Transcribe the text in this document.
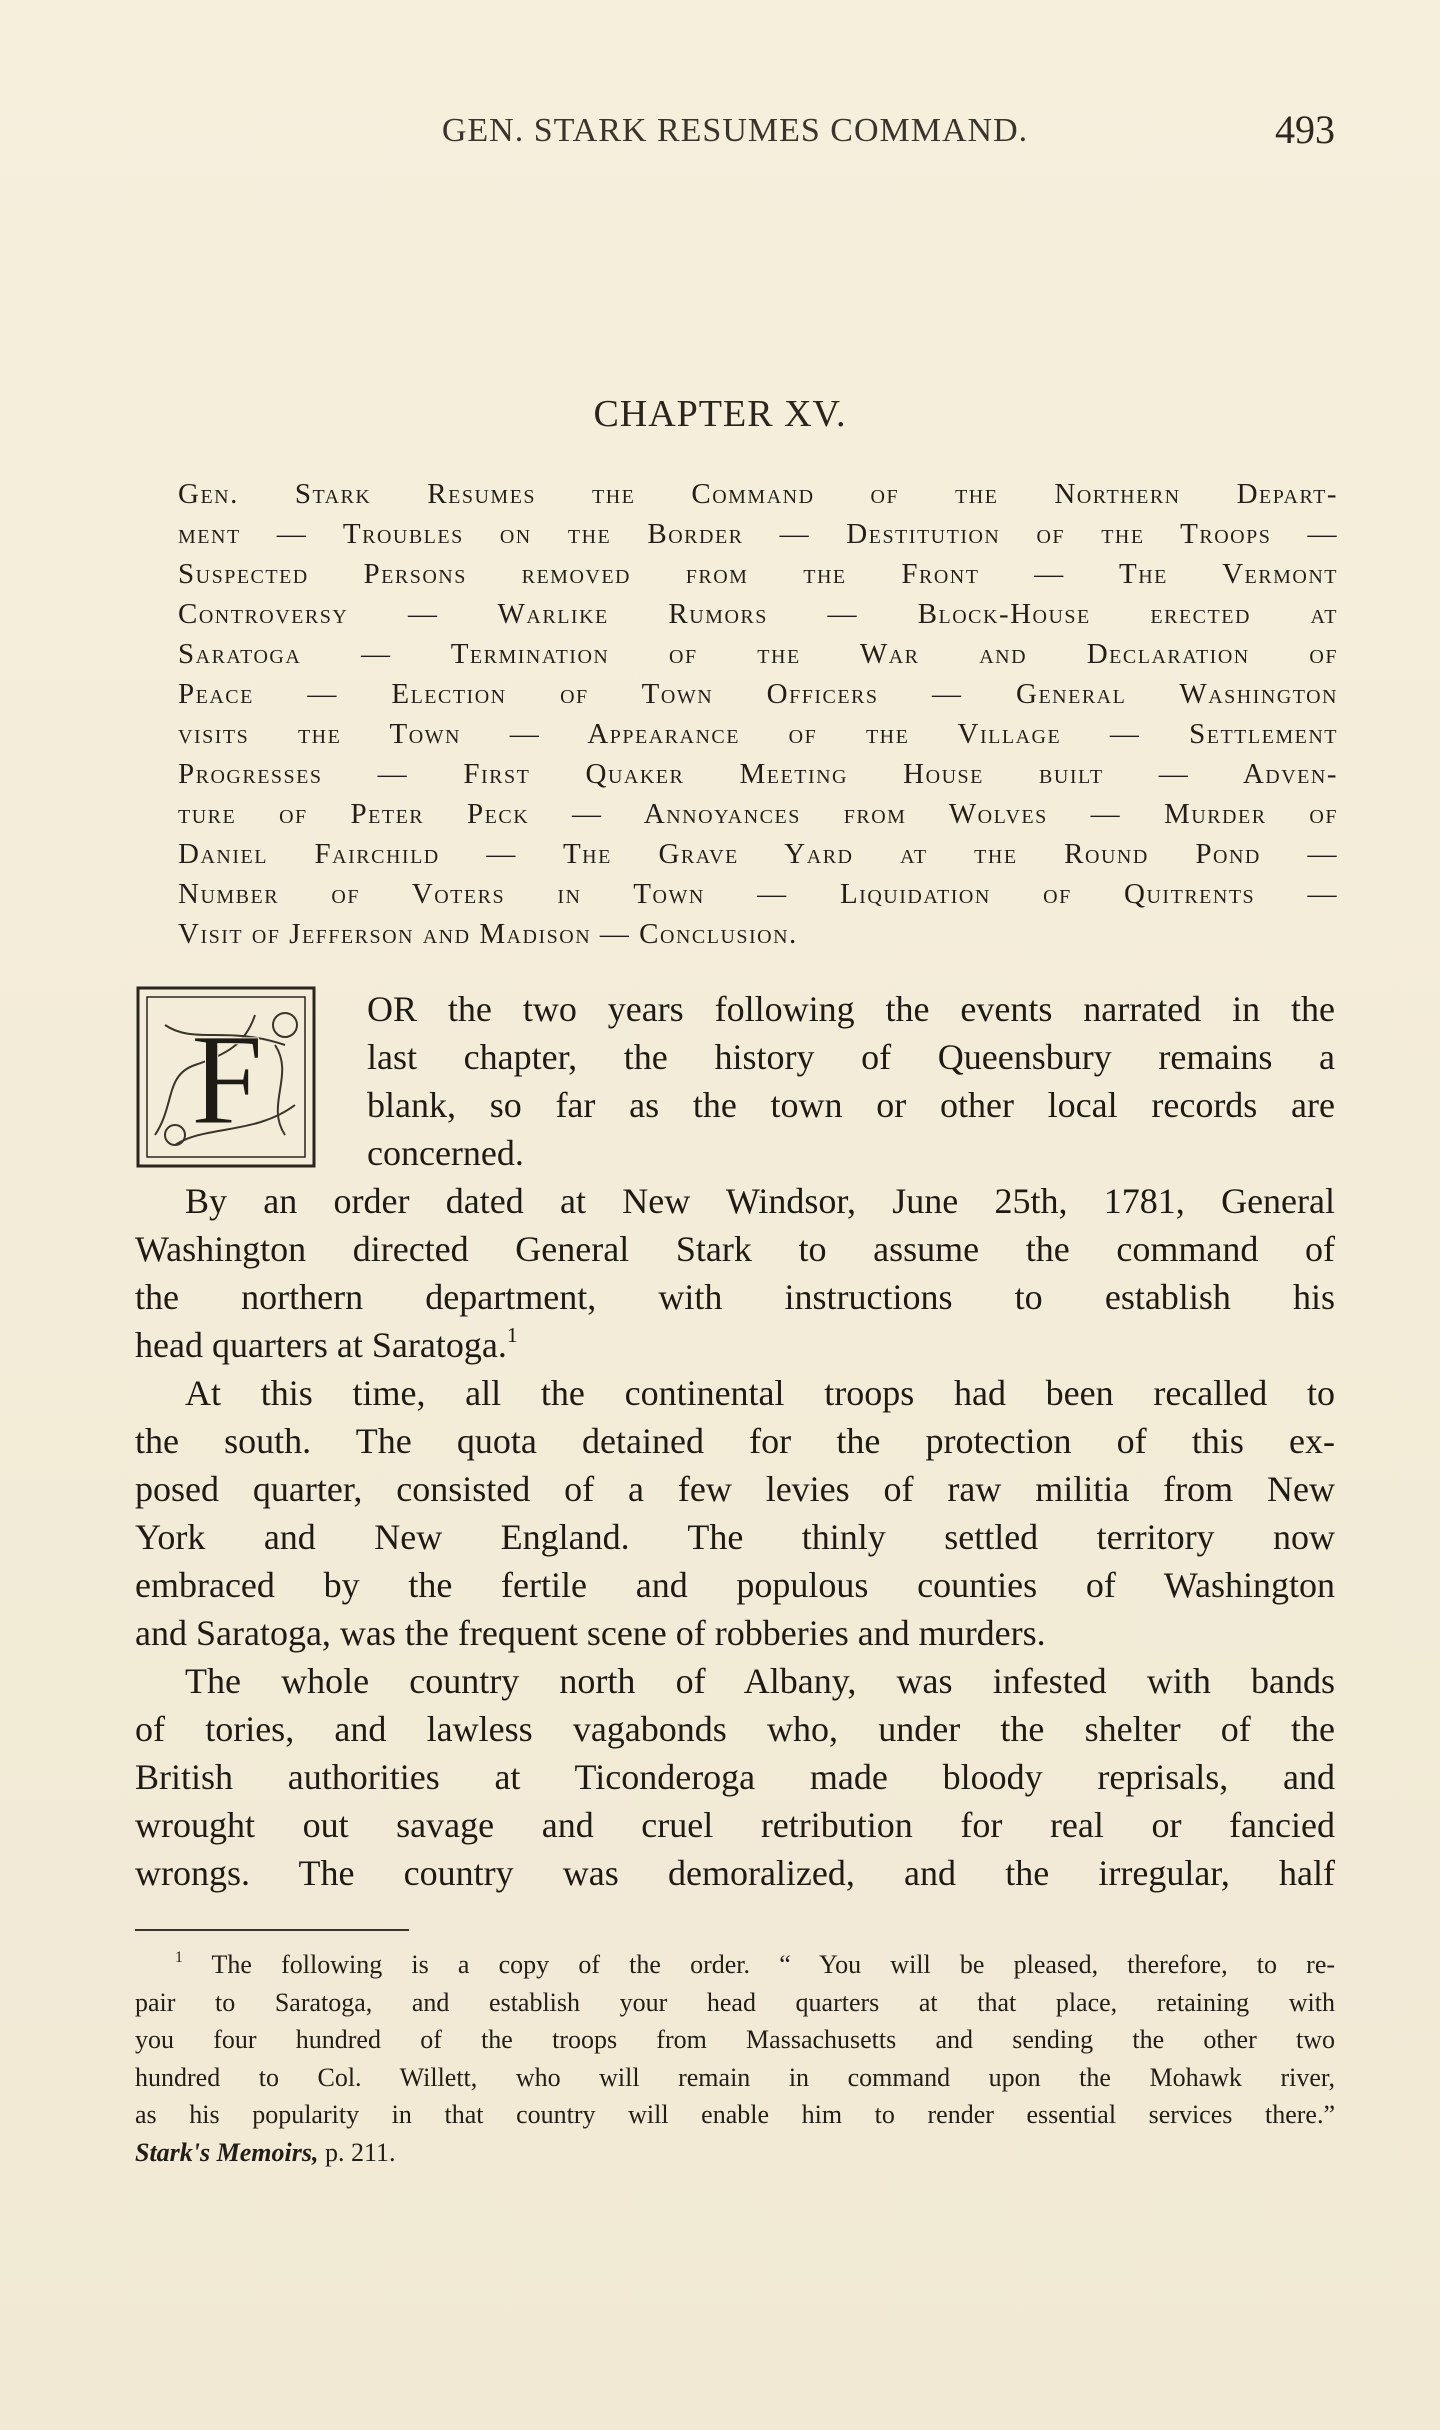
GEN. STARK RESUMES COMMAND.	493
CHAPTER XV.
Gen. Stark Resumes the Command of the Northern Depart-
ment — Troubles on the Border — Destitution of the Troops —
Suspected Persons removed from the Front — The Vermont
Controversy — Warlike Rumors — Block-House erected at
Saratoga — Termination of the War and Declaration of
Peace — Election of Town Officers — General Washington
visits the Town — Appearance of the Village — Settlement
Progresses — First Quaker Meeting House built — Adven-
ture of Peter Peck — Annoyances from Wolves — Murder of
Daniel Fairchild — The Grave Yard at the Round Pond —
Number of Voters in Town — Liquidation of Quitrents —
Visit of Jefferson and Madison — Conclusion.
F	OR the two years following the events narrated in the
last chapter, the history of Queensbury remains a
blank, so far as the town or other local records are
concerned.
By an order dated at New Windsor, June 25th, 1781, General
Washington directed General Stark to assume the command of
the northern department, with instructions to establish his
head quarters at Saratoga.$^1$
At this time, all the continental troops had been recalled to
the south. The quota detained for the protection of this ex-
posed quarter, consisted of a few levies of raw militia from New
York and New England. The thinly settled territory now
embraced by the fertile and populous counties of Washington
and Saratoga, was the frequent scene of robberies and murders.
The whole country north of Albany, was infested with bands
of tories, and lawless vagabonds who, under the shelter of the
British authorities at Ticonderoga made bloody reprisals, and
wrought out savage and cruel retribution for real or fancied
wrongs. The country was demoralized, and the irregular, half
$^1$ The following is a copy of the order. “ You will be pleased, therefore, to re-
pair to Saratoga, and establish your head quarters at that place, retaining with
you four hundred of the troops from Massachusetts and sending the other two
hundred to Col. Willett, who will remain in command upon the Mohawk river,
as his popularity in that country will enable him to render essential services there.”
Stark's Memoirs, p. 211.
